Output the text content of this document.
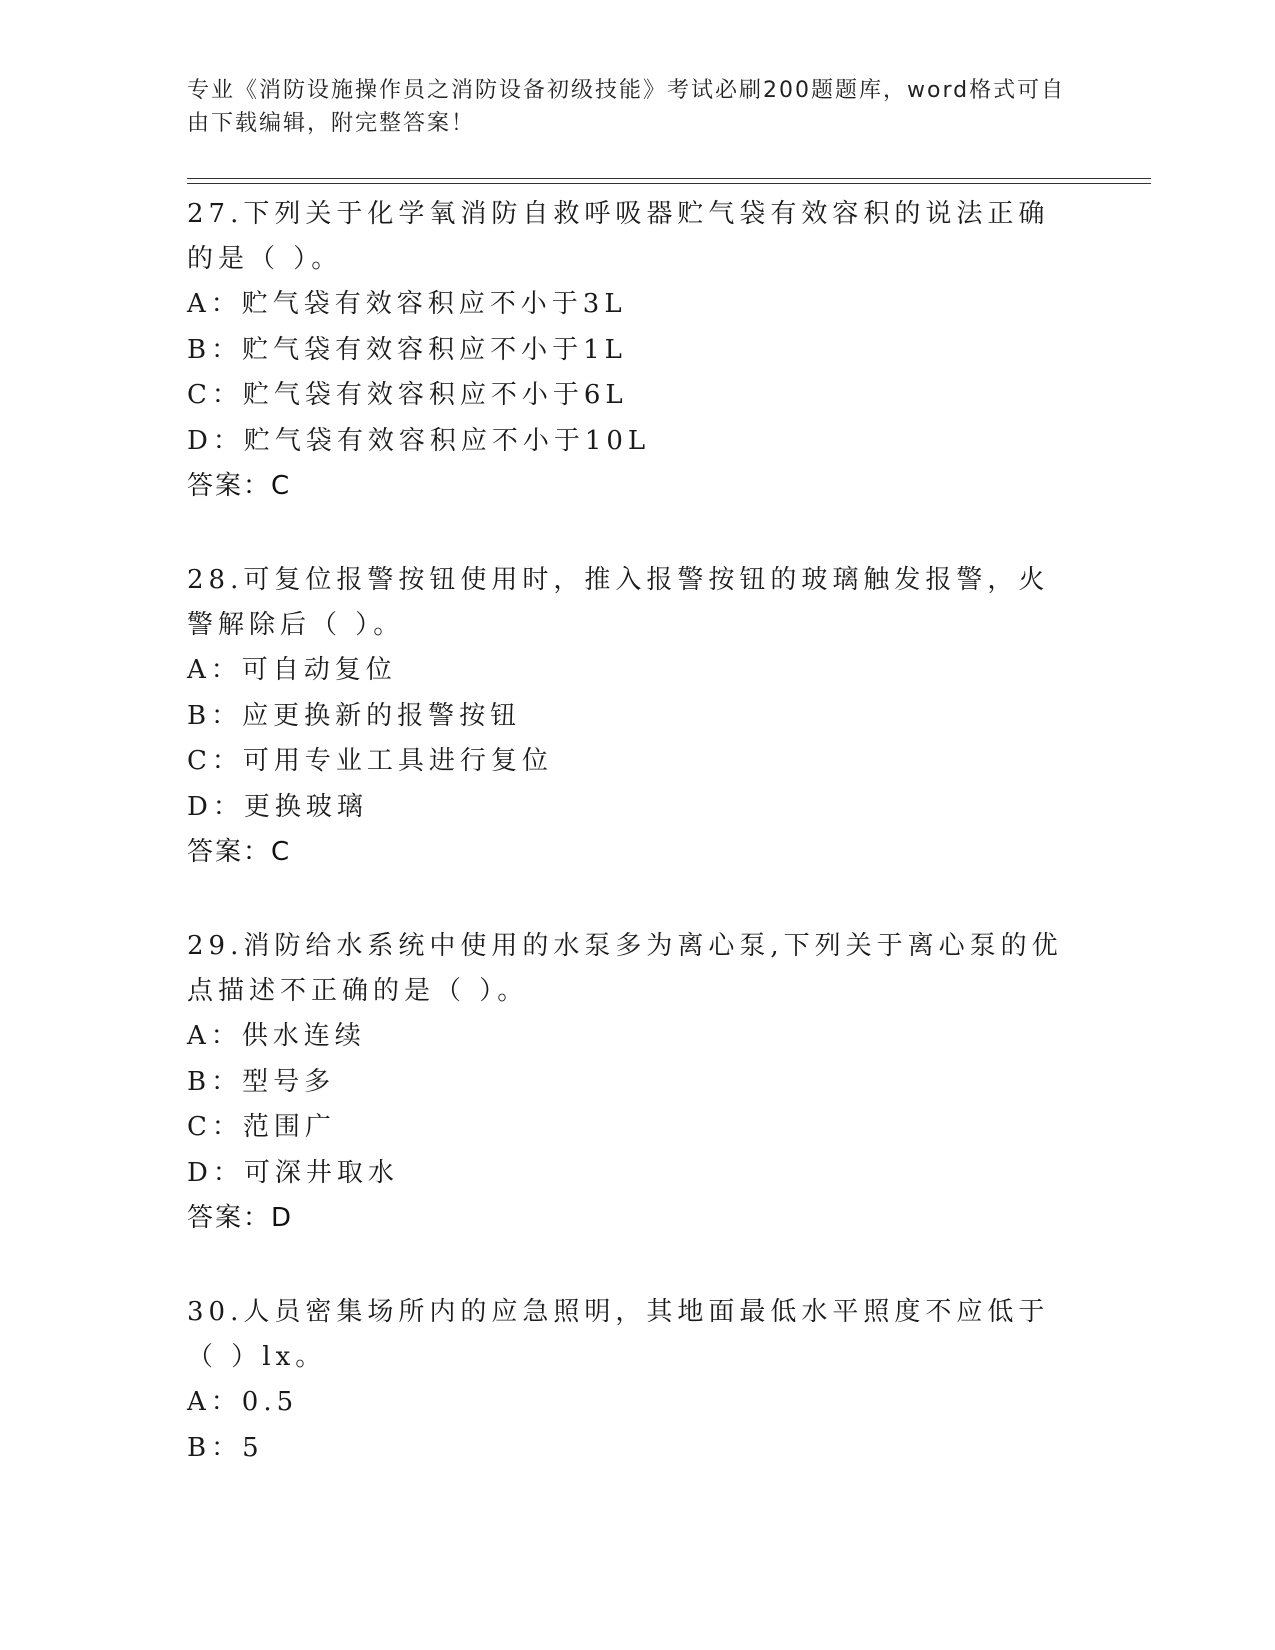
专业《消防设施操作员之消防设备初级技能》考试必刷200题题库，word格式可自由下载编辑，附完整答案！

27.下列关于化学氧消防自救呼吸器贮气袋有效容积的说法正确的是（ ）。

A：贮气袋有效容积应不小于3L
B：贮气袋有效容积应不小于1L
C：贮气袋有效容积应不小于6L
D：贮气袋有效容积应不小于10L
答案：C

28.可复位报警按钮使用时，推入报警按钮的玻璃触发报警，火警解除后（ ）。

A：可自动复位
B：应更换新的报警按钮
C：可用专业工具进行复位
D：更换玻璃
答案：C

29.消防给水系统中使用的水泵多为离心泵,下列关于离心泵的优点描述不正确的是（ ）。

A：供水连续
B：型号多
C：范围广
D：可深井取水
答案：D

30.人员密集场所内的应急照明，其地面最低水平照度不应低于（ ）lx。

A：0.5
B：5
